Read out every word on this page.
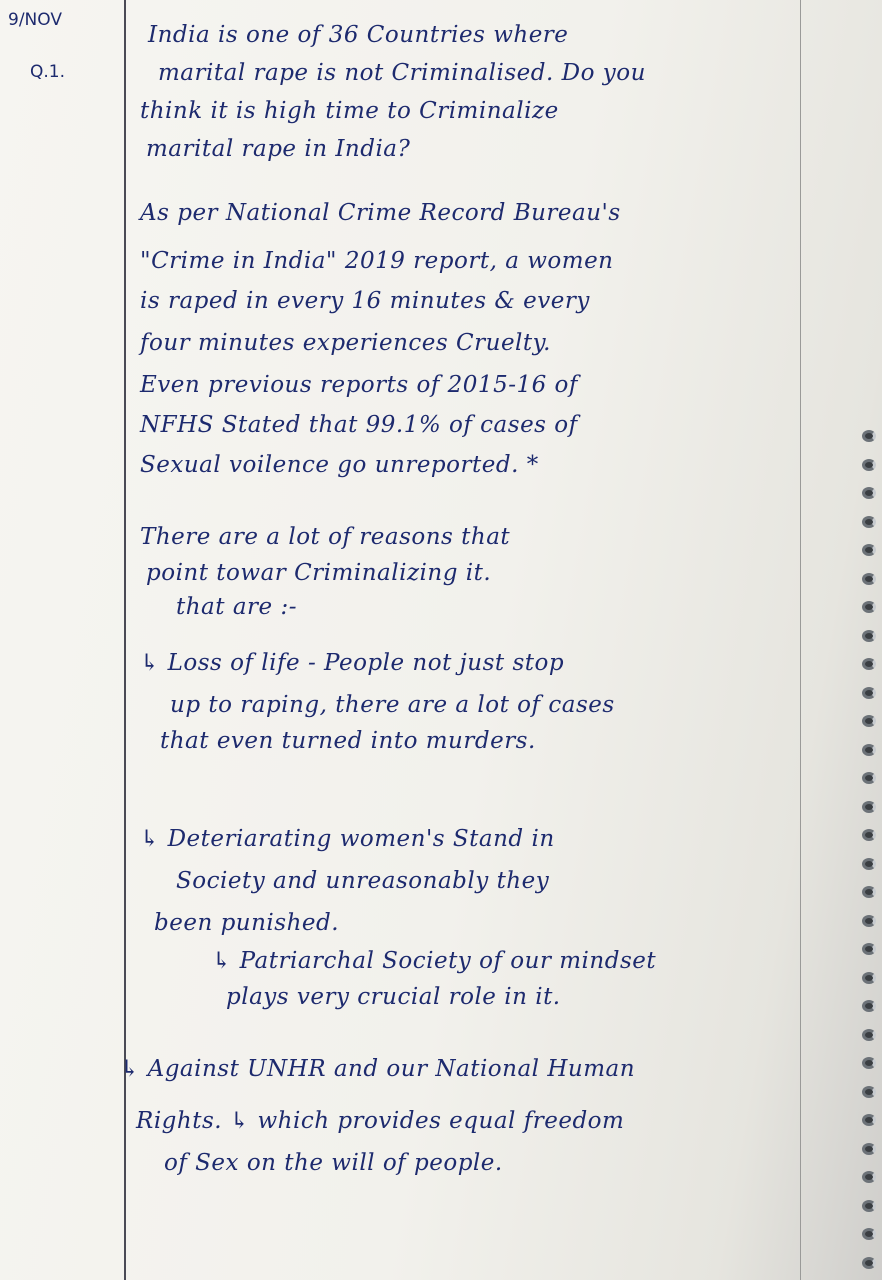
9/NOV
Q.1.
India is one of 36 Countries where
marital rape is not Criminalised. Do you
think it is high time to Criminalize
marital rape in India?
As per National Crime Record Bureau's
"Crime in India" 2019 report, a women
is raped in every 16 minutes & every
four minutes experiences Cruelty.
Even previous reports of 2015-16 of
NFHS Stated that 99.1% of cases of
Sexual voilence go unreported. *
There are a lot of reasons that
point towar Criminalizing it.
that are :-
↳ Loss of life - People not just stop
up to raping, there are a lot of cases
that even turned into murders.
↳ Deteriarating women's Stand in
Society and unreasonably they
been punished.
↳ Patriarchal Society of our mindset
plays very crucial role in it.
↳ Against UNHR and our National Human
Rights. ↳ which provides equal freedom
of Sex on the will of people.
